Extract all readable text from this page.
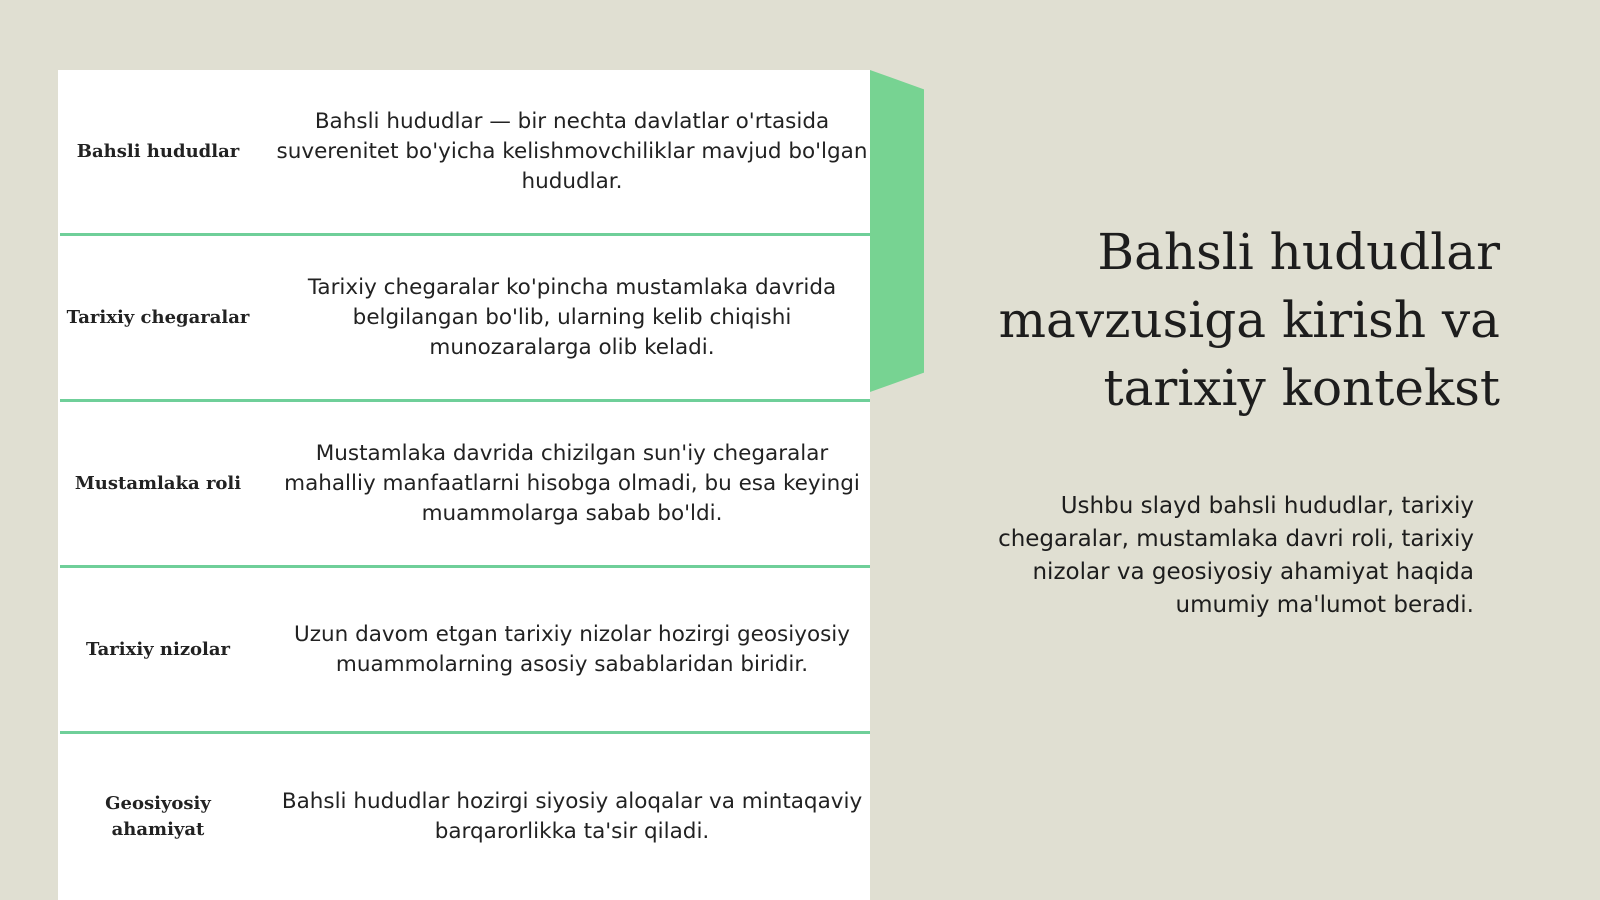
Bahsli hududlar
Bahsli hududlar — bir nechta davlatlar o'rtasida suverenitet bo'yicha kelishmovchiliklar mavjud bo'lgan hududlar.
Tarixiy chegaralar
Tarixiy chegaralar ko'pincha mustamlaka davrida belgilangan bo'lib, ularning kelib chiqishi munozaralarga olib keladi.
Mustamlaka roli
Mustamlaka davrida chizilgan sun'iy chegaralar mahalliy manfaatlarni hisobga olmadi, bu esa keyingi muammolarga sabab bo'ldi.
Tarixiy nizolar
Uzun davom etgan tarixiy nizolar hozirgi geosiyosiy muammolarning asosiy sabablaridan biridir.
Geosiyosiy ahamiyat
Bahsli hududlar hozirgi siyosiy aloqalar va mintaqaviy barqarorlikka ta'sir qiladi.
Bahsli hududlar mavzusiga kirish va tarixiy kontekst

Ushbu slayd bahsli hududlar, tarixiy chegaralar, mustamlaka davri roli, tarixiy nizolar va geosiyosiy ahamiyat haqida umumiy ma'lumot beradi.
